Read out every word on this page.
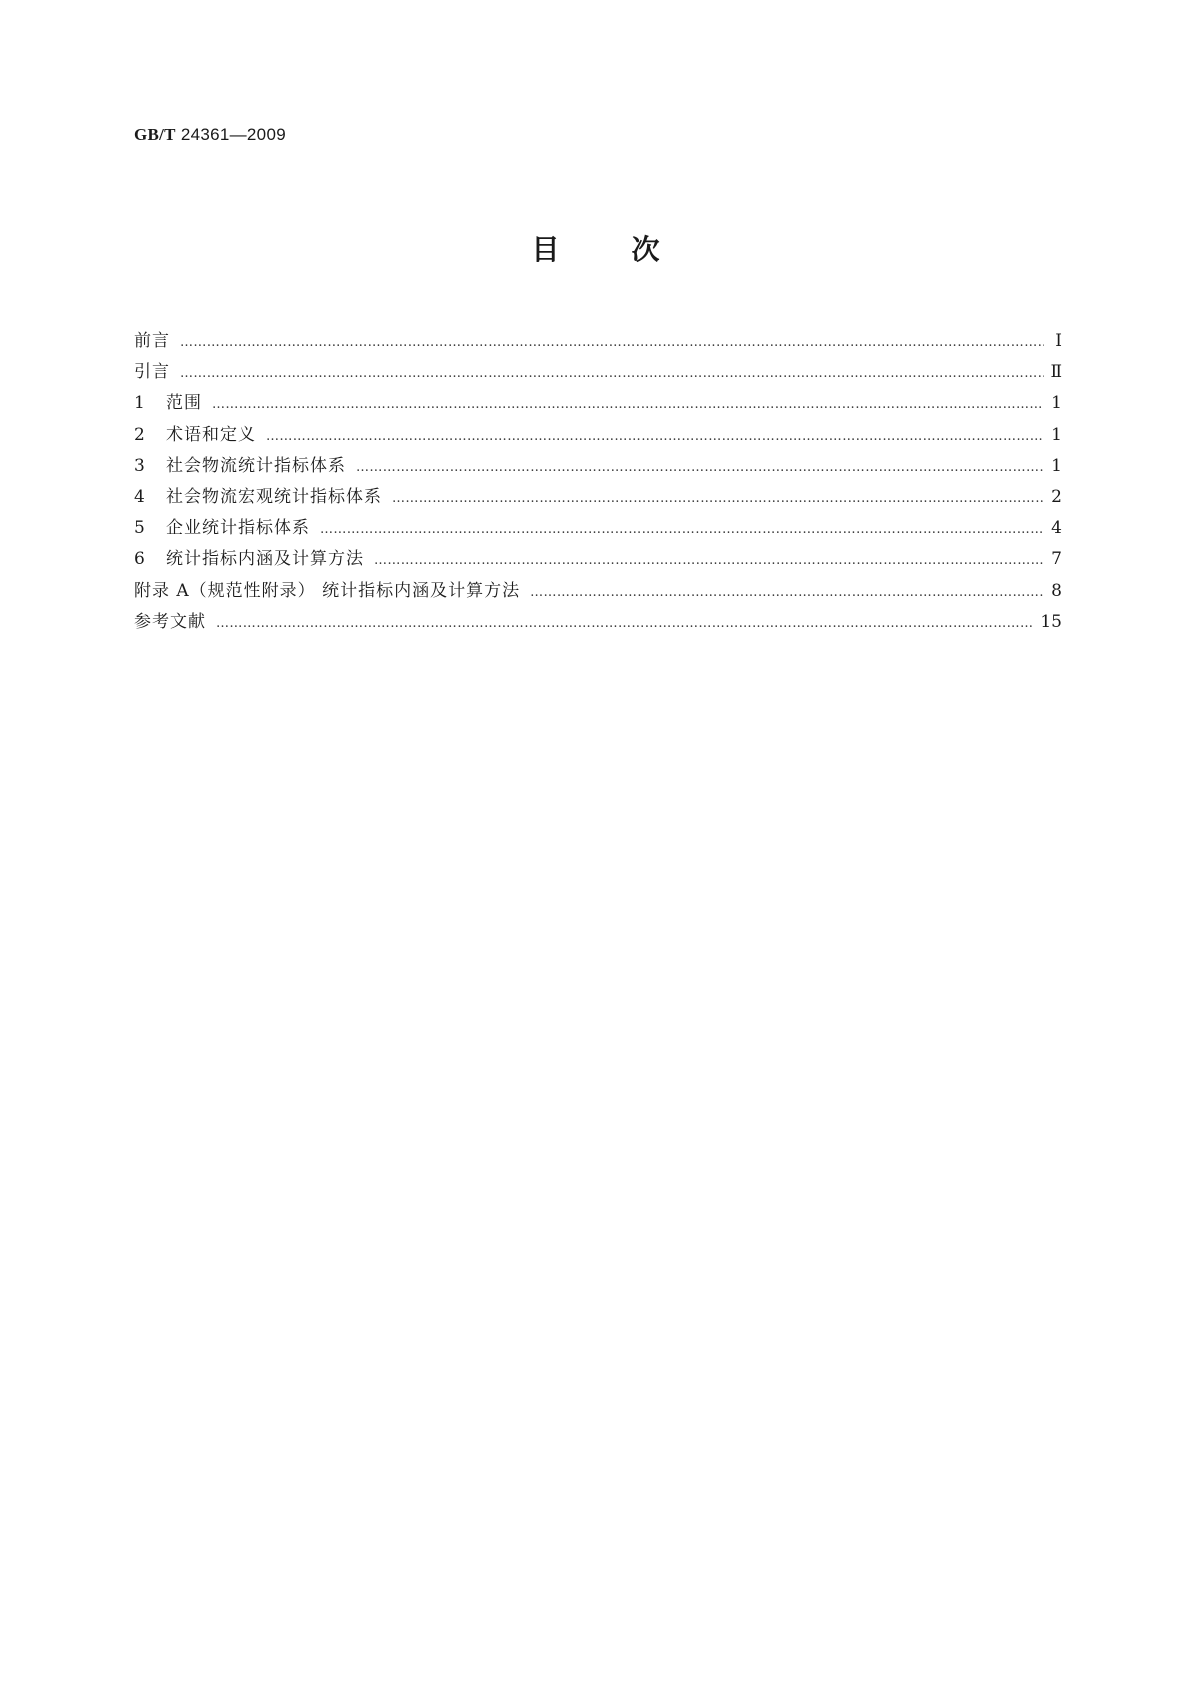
GB/T 24361—2009
目	次
前言 ………………………………………………………………………………………………………………………………………………………………………………………………………………	Ⅰ
引言 ………………………………………………………………………………………………………………………………………………………………………………………………………………	Ⅱ
1	范围 ………………………………………………………………………………………………………………………………………………………………………………………………………………	1
2	术语和定义 ………………………………………………………………………………………………………………………………………………………………………………………………………………	1
3	社会物流统计指标体系 ………………………………………………………………………………………………………………………………………………………………………………………………………………	1
4	社会物流宏观统计指标体系 ………………………………………………………………………………………………………………………………………………………………………………………………………………	2
5	企业统计指标体系 ………………………………………………………………………………………………………………………………………………………………………………………………………………	4
6	统计指标内涵及计算方法 ………………………………………………………………………………………………………………………………………………………………………………………………………………	7
附录 A（规范性附录） 统计指标内涵及计算方法 ………………………………………………………………………………………………………………………………………………………………………………………………………………	8
参考文献 ………………………………………………………………………………………………………………………………………………………………………………………………………………	15
